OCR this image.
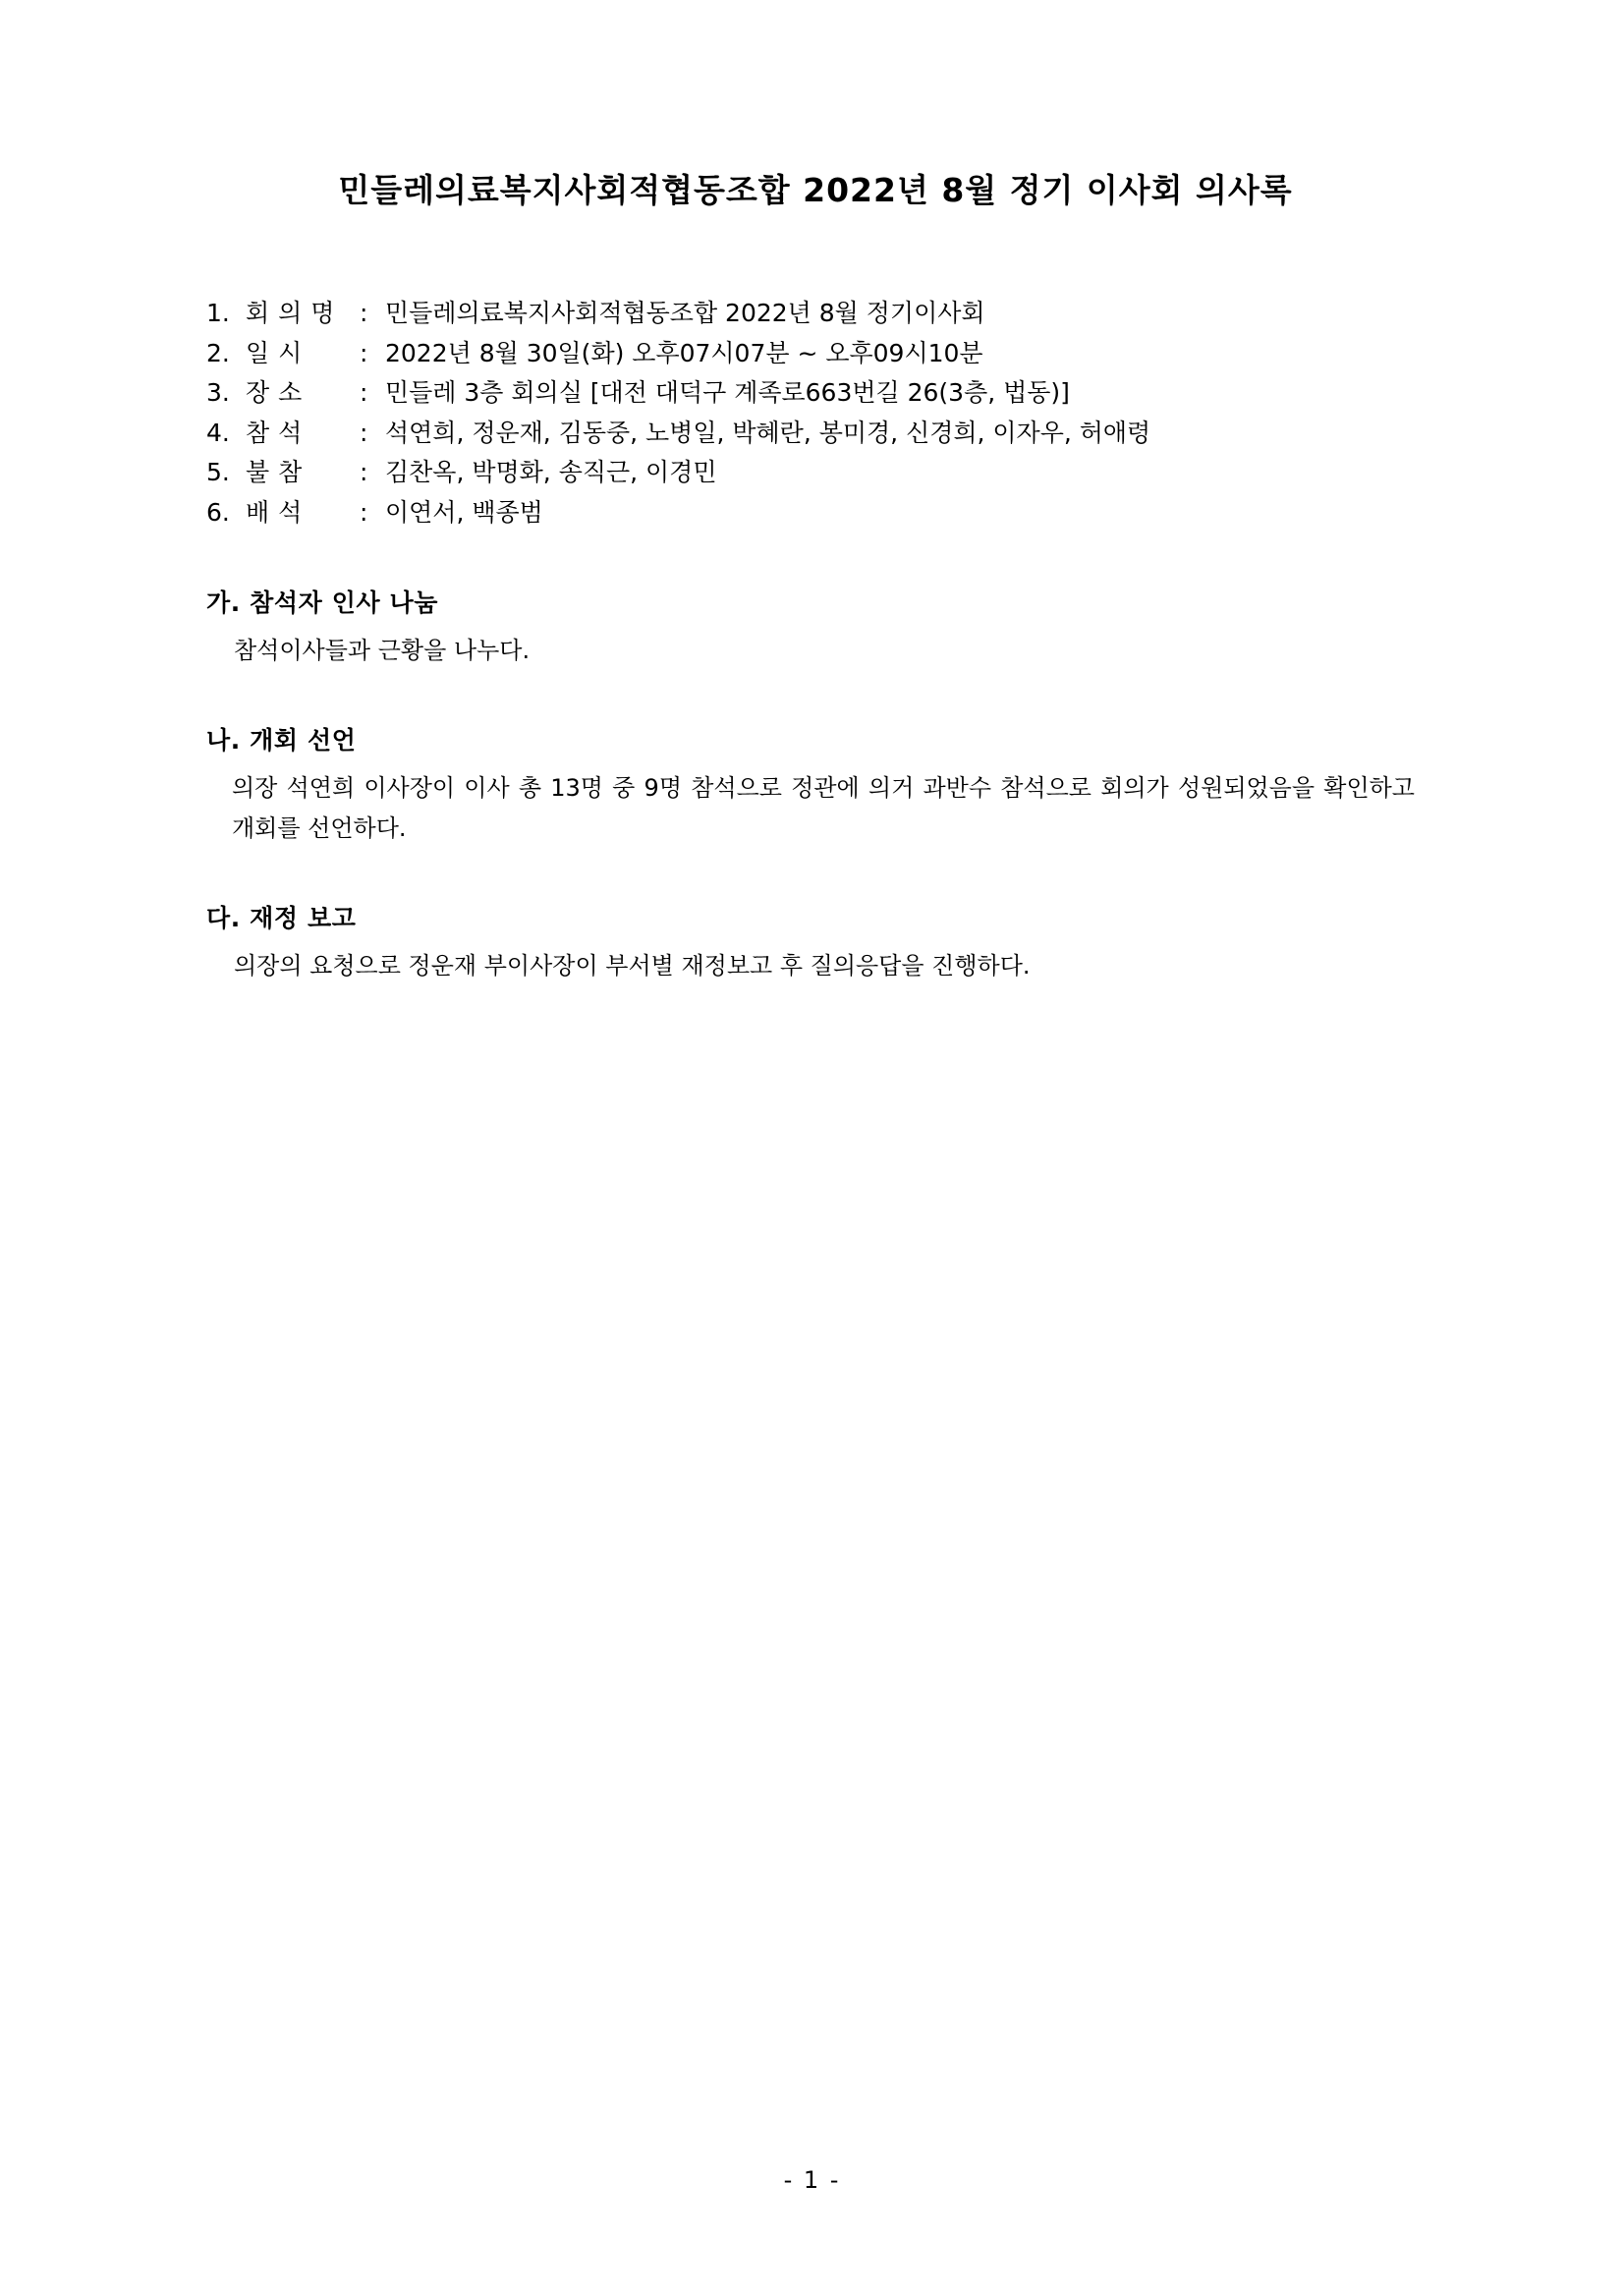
민들레의료복지사회적협동조합 2022년 8월 정기 이사회 의사록
1. 회 의 명	: 민들레의료복지사회적협동조합 2022년 8월 정기이사회
2. 일 시	: 2022년 8월 30일(화) 오후07시07분 ~ 오후09시10분
3. 장 소	: 민들레 3층 회의실 [대전 대덕구 계족로663번길 26(3층, 법동)]
4. 참 석	: 석연희, 정운재, 김동중, 노병일, 박혜란, 봉미경, 신경희, 이자우, 허애령
5. 불 참	: 김찬옥, 박명화, 송직근, 이경민
6. 배 석	: 이연서, 백종범
가. 참석자 인사 나눔

참석이사들과 근황을 나누다.

나. 개회 선언

의장 석연희 이사장이 이사 총 13명 중 9명 참석으로 정관에 의거 과반수 참석으로 회의가 성원되었음을 확인하고 개회를 선언하다.

다. 재정 보고

의장의 요청으로 정운재 부이사장이 부서별 재정보고 후 질의응답을 진행하다.

- 1 -
